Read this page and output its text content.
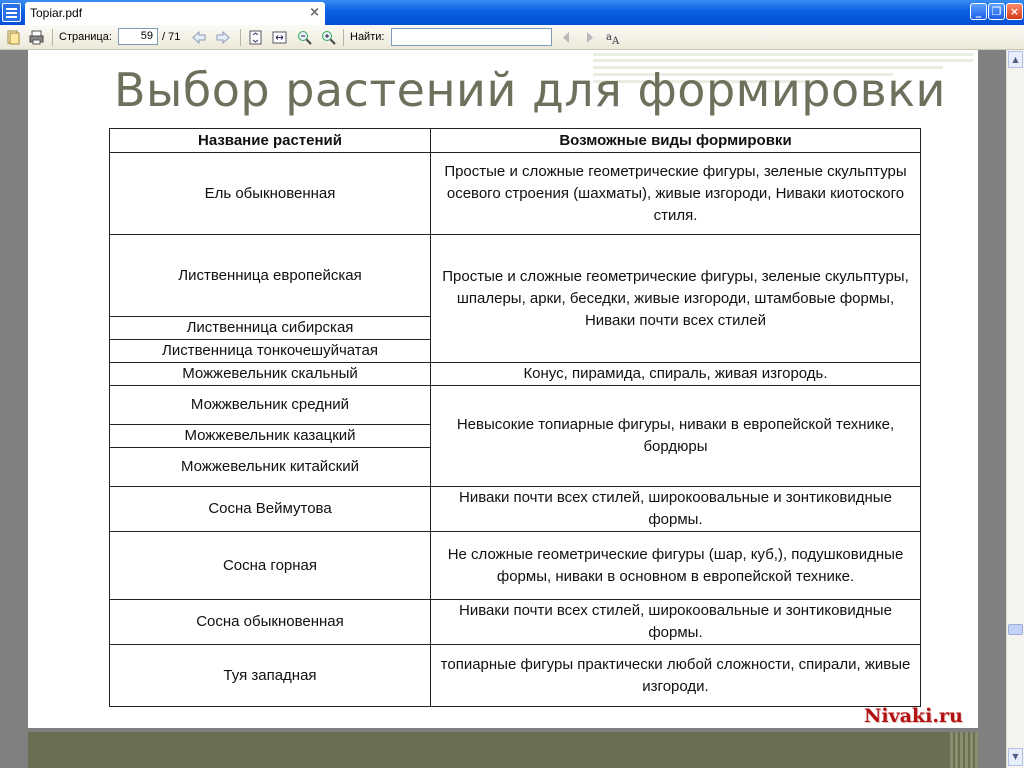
Topiar.pdf	×	_ ❐ ×
Страница:	59 / 71	Найти:	a A
▲
▼
Выбор растений для формировки
Nivaki.ru
Название растений	Возможные виды формировки
Ель обыкновенная	Простые и сложные геометрические фигуры, зеленые скульптуры осевого строения (шахматы), живые изгороди, Ниваки киотоского стиля.
Лиственница европейская	Простые и сложные геометрические фигуры, зеленые скульптуры, шпалеры, арки, беседки, живые изгороди, штамбовые формы, Ниваки почти всех стилей
Лиственница сибирская	
Лиственница тонкочешуйчатая	
Можжевельник скальный	Конус, пирамида, спираль, живая изгородь.
Можжвельник средний	Невысокие топиарные фигуры, ниваки в европейской технике, бордюры
Можжевельник казацкий	
Можжевельник китайский	
Сосна Веймутова	Ниваки почти всех стилей, широкоовальные и зонтиковидные формы.
Сосна горная	Не сложные геометрические фигуры (шар, куб,), подушковидные формы, ниваки в основном в европейской технике.
Сосна обыкновенная	Ниваки почти всех стилей, широкоовальные и зонтиковидные формы.
Туя западная	топиарные фигуры практически любой сложности, спирали, живые изгороди.
